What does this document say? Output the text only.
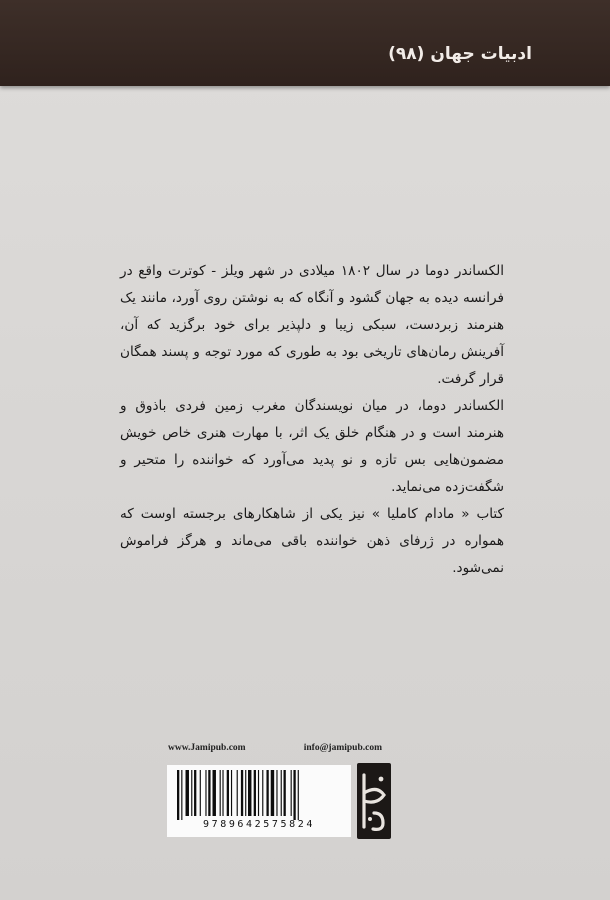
ادبیات جهان (۹۸)

الکساندر دوما در سال ۱۸۰۲ میلادی در شهر ویلز - کوترت واقع در فرانسه دیده به جهان گشود و آنگاه که به نوشتن روی آورد، مانند یک هنرمند زبردست، سبکی زیبا و دلپذیر برای خود برگزید که آن، آفرینش رمان‌های تاریخی بود به طوری که مورد توجه و پسند همگان قرار گرفت.

الکساندر دوما، در میان نویسندگان مغرب زمین فردی باذوق و هنرمند است و در هنگام خلق یک اثر، با مهارت هنری خاص خویش مضمون‌هایی بس تازه و نو پدید می‌آورد که خواننده را متحیر و شگفت‌زده می‌نماید.

کتاب « مادام کاملیا » نیز یکی از شاهکارهای برجسته اوست که همواره در ژرفای ذهن خواننده باقی می‌ماند و هرگز فراموش نمی‌شود.

www.Jamipub.com	info@jamipub.com
9789642575824
